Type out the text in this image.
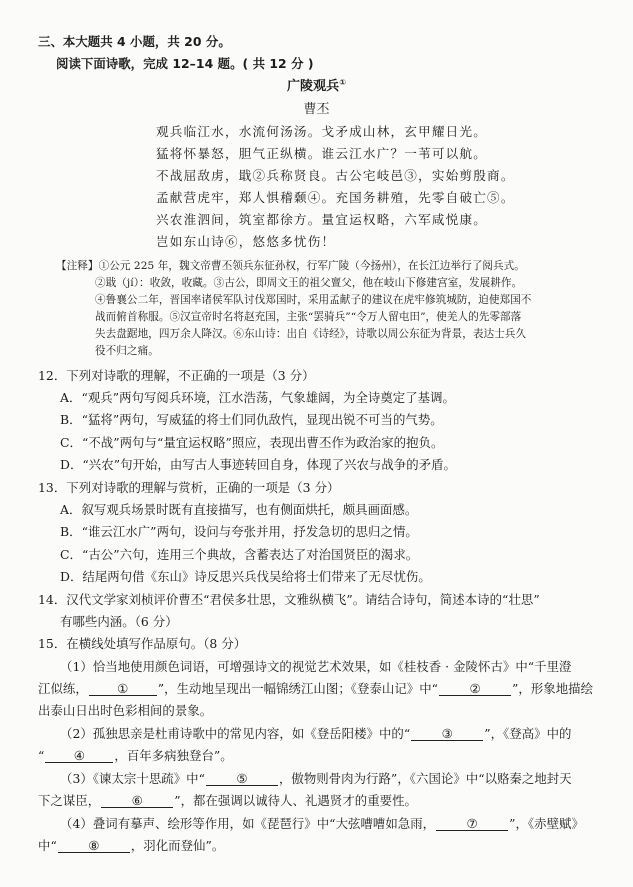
三、本大题共 4 小题，共 20 分。
阅读下面诗歌，完成 12–14 题。( 共 12 分 )
广陵观兵①
曹丕
观兵临江水，水流何汤汤。戈矛成山林，玄甲耀日光。
猛将怀暴怒，胆气正纵横。谁云江水广？一苇可以航。
不战屈敌虏，戢②兵称贤良。古公宅岐邑③，实始剪殷商。
孟献营虎牢，郑人惧稽颡④。充国务耕殖，先零自破亡⑤。
兴农淮泗间，筑室都徐方。量宜运权略，六军咸悦康。
岂如东山诗⑥，悠悠多忧伤！
【注释】①公元 225 年，魏文帝曹丕领兵东征孙权，行军广陵（今扬州），在长江边举行了阅兵式。
②戢（jí）：收敛，收藏。③古公，即周文王的祖父亶父，他在岐山下修建宫室，发展耕作。
④鲁襄公二年，晋国率诸侯军队讨伐郑国时，采用孟献子的建议在虎牢修筑城防，迫使郑国不
战而俯首称服。⑤汉宣帝时名将赵充国，主张“罢骑兵”“令万人留屯田”，使羌人的先零部落
失去盘踞地，四万余人降汉。⑥东山诗：出自《诗经》，诗歌以周公东征为背景，表达士兵久
役不归之痛。
12．下列对诗歌的理解，不正确的一项是（3 分）
A．“观兵”两句写阅兵环境，江水浩荡，气象雄阔，为全诗奠定了基调。
B．“猛将”两句，写威猛的将士们同仇敌忾，显现出锐不可当的气势。
C．“不战”两句与“量宜运权略”照应，表现出曹丕作为政治家的抱负。
D．“兴农”句开始，由写古人事迹转回自身，体现了兴农与战争的矛盾。
13．下列对诗歌的理解与赏析，正确的一项是（3 分）
A．叙写观兵场景时既有直接描写，也有侧面烘托，颇具画面感。
B．“谁云江水广”两句，设问与夸张并用，抒发急切的思归之情。
C．“古公”六句，连用三个典故，含蓄表达了对治国贤臣的渴求。
D．结尾两句借《东山》诗反思兴兵伐吴给将士们带来了无尽忧伤。
14．汉代文学家刘桢评价曹丕“君侯多壮思，文雅纵横飞”。请结合诗句，简述本诗的“壮思”
有哪些内涵。（6 分）
15．在横线处填写作品原句。（8 分）
（1）恰当地使用颜色词语，可增强诗文的视觉艺术效果，如《桂枝香 · 金陵怀古》中“千里澄
江似练， ① ”，生动地呈现出一幅锦绣江山图；《登泰山记》中“	②	”，形象地描绘
出泰山日出时色彩相间的景象。
（2）孤独思亲是杜甫诗歌中的常见内容，如《登岳阳楼》中的“	③	”，《登高》中的
“ ④ ，百年多病独登台”。
（3）《谏太宗十思疏》中“	⑤	，傲物则骨肉为行路”，《六国论》中“以赂秦之地封天
下之谋臣，	⑥	”，都在强调以诚待人、礼遇贤才的重要性。
（4）叠词有摹声、绘形等作用，如《琵琶行》中“大弦嘈嘈如急雨，	⑦	”，《赤壁赋》
中“	⑧	，羽化而登仙”。
